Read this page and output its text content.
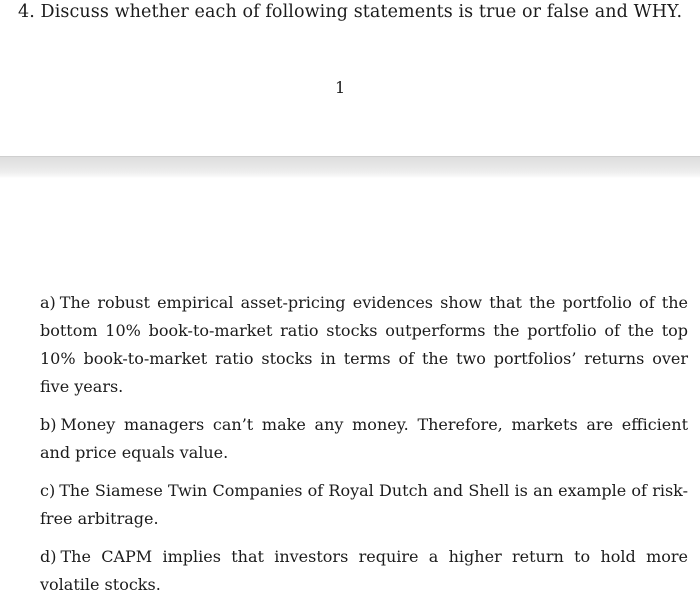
4. Discuss whether each of following statements is true or false and WHY.
1

a) The robust empirical asset-pricing evidences show that the portfolio of the bottom 10% book-to-market ratio stocks outperforms the portfolio of the top 10% book-to-market ratio stocks in terms of the two portfolios’ returns over five years.

b) Money managers can’t make any money. Therefore, markets are efficient and price equals value.

c) The Siamese Twin Companies of Royal Dutch and Shell is an example of risk-free arbitrage.

d) The CAPM implies that investors require a higher return to hold more volatile stocks.
